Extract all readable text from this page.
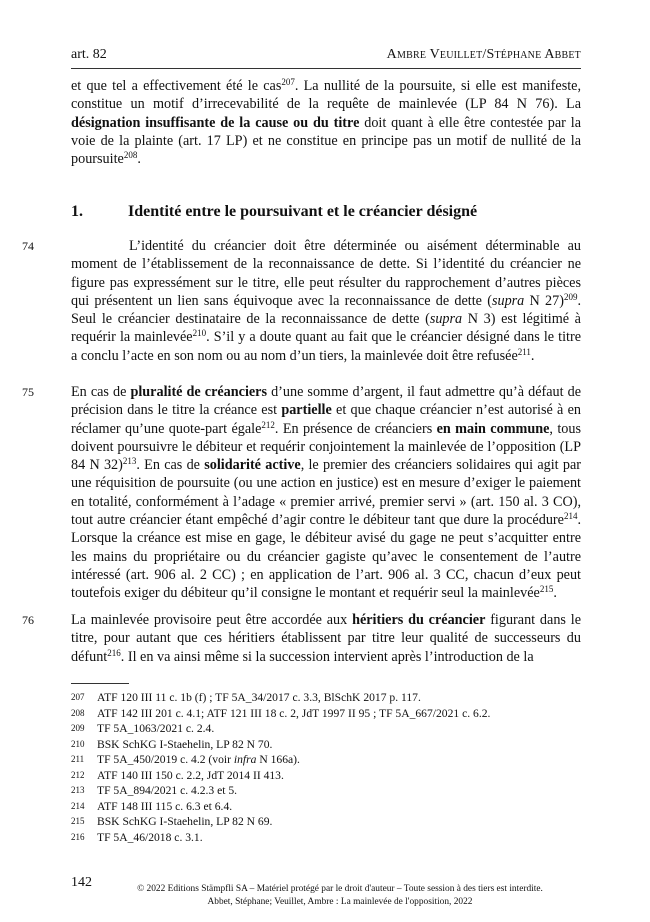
art. 82	Ambre Veuillet/Stéphane Abbet

et que tel a effectivement été le cas$^{207}$. La nullité de la poursuite, si elle est manifeste, constitue un motif d’irrecevabilité de la requête de mainlevée (LP 84 N 76). La désignation insuffisante de la cause ou du titre doit quant à elle être contestée par la voie de la plainte (art. 17 LP) et ne constitue en principe pas un motif de nullité de la poursuite$^{208}$.

1.	Identité entre le poursuivant et le créancier désigné
74	L’identité du créancier doit être déterminée ou aisément déterminable au moment de l’établissement de la reconnaissance de dette. Si l’identité du créancier ne figure pas expressément sur le titre, elle peut résulter du rapprochement d’autres pièces qui présentent un lien sans équivoque avec la reconnaissance de dette (supra N 27)$^{209}$. Seul le créancier destinataire de la reconnaissance de dette (supra N 3) est légitimé à requérir la mainlevée$^{210}$. S’il y a doute quant au fait que le créancier désigné dans le titre a conclu l’acte en son nom ou au nom d’un tiers, la mainlevée doit être refusée$^{211}$.

75	En cas de pluralité de créanciers d’une somme d’argent, il faut admettre qu’à défaut de précision dans le titre la créance est partielle et que chaque créancier n’est autorisé à en réclamer qu’une quote-part égale$^{212}$. En présence de créanciers en main commune, tous doivent poursuivre le débiteur et requérir conjointement la mainlevée de l’opposition (LP 84 N 32)$^{213}$. En cas de solidarité active, le premier des créanciers solidaires qui agit par une réquisition de poursuite (ou une action en justice) est en mesure d’exiger le paiement en totalité, conformément à l’adage « premier arrivé, premier servi » (art. 150 al. 3 CO), tout autre créancier étant empêché d’agir contre le débiteur tant que dure la procédure$^{214}$. Lorsque la créance est mise en gage, le débiteur avisé du gage ne peut s’acquitter entre les mains du propriétaire ou du créancier gagiste qu’avec le consentement de l’autre intéressé (art. 906 al. 2 CC) ; en application de l’art. 906 al. 3 CC, chacun d’eux peut toutefois exiger du débiteur qu’il consigne le montant et requérir seul la mainlevée$^{215}$.

76	La mainlevée provisoire peut être accordée aux héritiers du créancier figurant dans le titre, pour autant que ces héritiers établissent par titre leur qualité de successeurs du défunt$^{216}$. Il en va ainsi même si la succession intervient après l’introduction de la

207	ATF 120 III 11 c. 1b (f) ; TF 5A_34/2017 c. 3.3, BlSchK 2017 p. 117.
208	ATF 142 III 201 c. 4.1; ATF 121 III 18 c. 2, JdT 1997 II 95 ; TF 5A_667/2021 c. 6.2.
209	TF 5A_1063/2021 c. 2.4.
210	BSK SchKG I-Staehelin, LP 82 N 70.
211	TF 5A_450/2019 c. 4.2 (voir infra N 166a).
212	ATF 140 III 150 c. 2.2, JdT 2014 II 413.
213	TF 5A_894/2021 c. 4.2.3 et 5.
214	ATF 148 III 115 c. 6.3 et 6.4.
215	BSK SchKG I-Staehelin, LP 82 N 69.
216	TF 5A_46/2018 c. 3.1.
142	© 2022 Editions Stämpfli SA – Matériel protégé par le droit d'auteur – Toute session à des tiers est interdite.
Abbet, Stéphane; Veuillet, Ambre : La mainlevée de l'opposition, 2022
